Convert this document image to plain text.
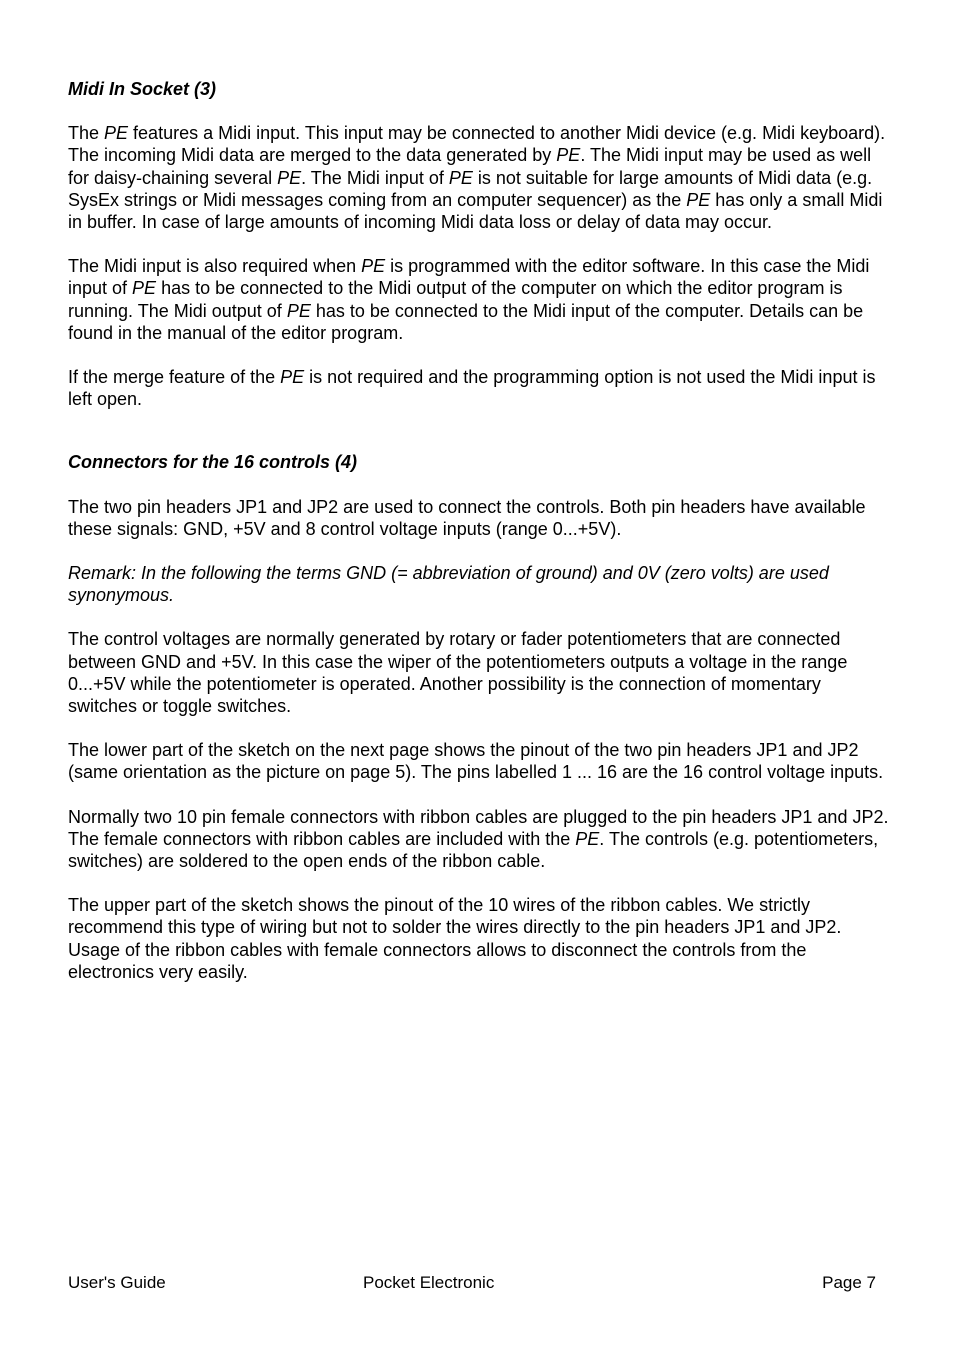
Midi In Socket (3)

The PE features a Midi input. This input may be connected to another Midi device (e.g. Midi keyboard). The incoming Midi data are merged to the data generated by PE. The Midi input may be used as well for daisy-chaining several PE. The Midi input of PE is not suitable for large amounts of Midi data (e.g. SysEx strings or Midi messages coming from an computer sequencer) as the PE has only a small Midi in buffer. In case of large amounts of incoming Midi data loss or delay of data may occur.

The Midi input is also required when PE is programmed with the editor software. In this case the Midi input of PE has to be connected to the Midi output of the computer on which the editor program is running. The Midi output of PE has to be connected to the Midi input of the computer. Details can be found in the manual of the editor program.

If the merge feature of the PE is not required and the programming option is not used the Midi input is left open.

Connectors for the 16 controls (4)

The two pin headers JP1 and JP2 are used to connect the controls. Both pin headers have available these signals: GND, +5V and 8 control voltage inputs (range 0...+5V).

Remark: In the following the terms GND (= abbreviation of ground) and 0V (zero volts) are used synonymous.

The control voltages are normally generated by rotary or fader potentiometers that are connected between GND and +5V. In this case the wiper of the potentiometers outputs a voltage in the range 0...+5V while the potentiometer is operated. Another possibility is the connection of momentary switches or toggle switches.

The lower part of the sketch on the next page shows the pinout of the two pin headers JP1 and JP2 (same orientation as the picture on page 5). The pins labelled 1 ... 16 are the 16 control voltage inputs.

Normally two 10 pin female connectors with ribbon cables are plugged to the pin headers JP1 and JP2. The female connectors with ribbon cables are included with the PE. The controls (e.g. potentiometers, switches) are soldered to the open ends of the ribbon cable.

The upper part of the sketch shows the pinout of the 10 wires of the ribbon cables. We strictly recommend this type of wiring but not to solder the wires directly to the pin headers JP1 and JP2. Usage of the ribbon cables with female connectors allows to disconnect the controls from the electronics very easily.

User's Guide	Pocket Electronic	Page 7
